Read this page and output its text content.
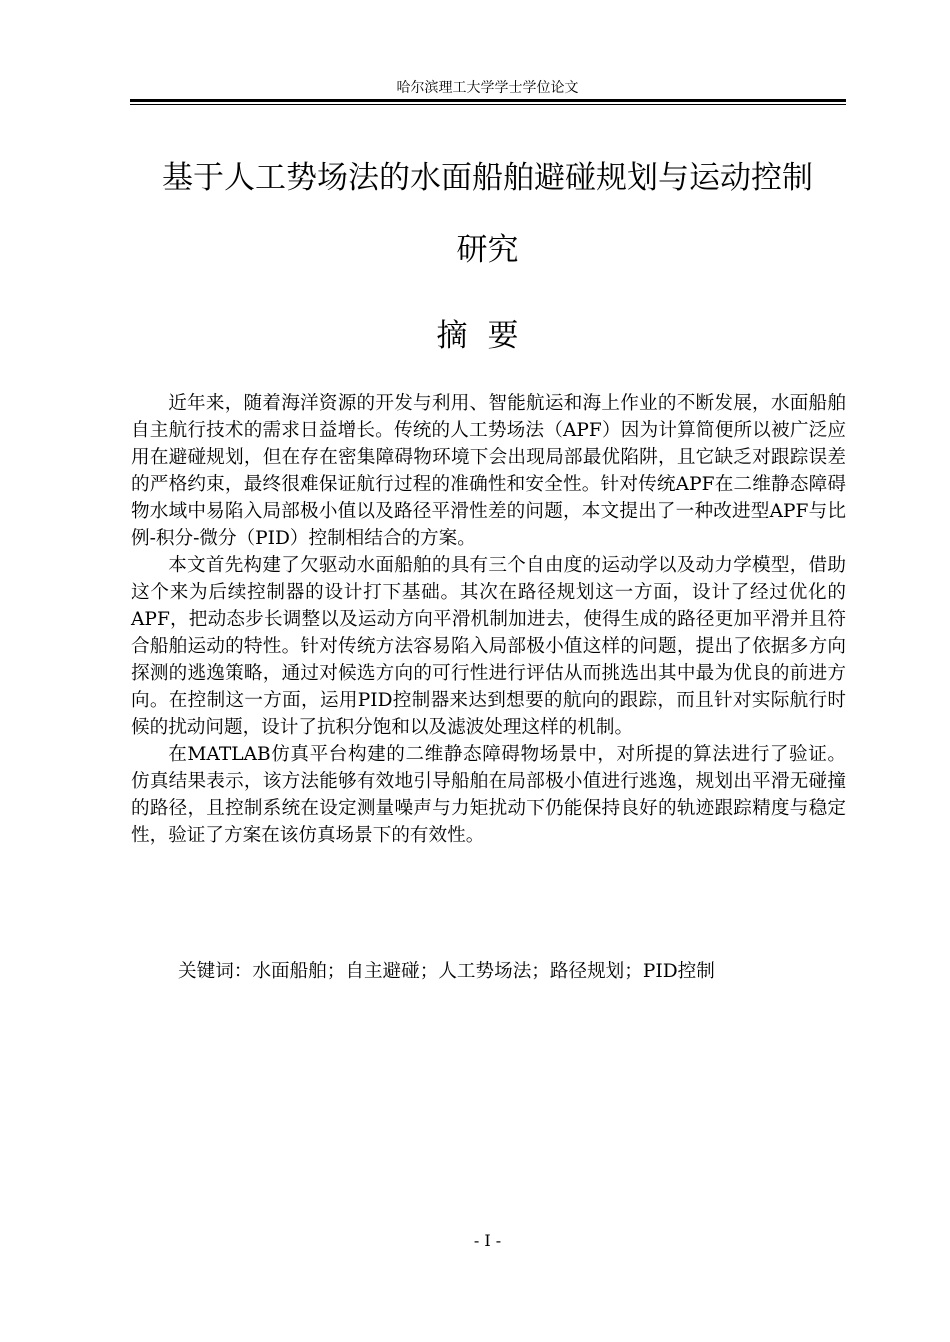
哈尔滨理工大学学士学位论文
基于人工势场法的水面船舶避碰规划与运动控制
研究
摘要

近年来，随着海洋资源的开发与利用、智能航运和海上作业的不断发展，水面船舶自主航行技术的需求日益增长。传统的人工势场法（APF）因为计算简便所以被广泛应用在避碰规划，但在存在密集障碍物环境下会出现局部最优陷阱，且它缺乏对跟踪误差的严格约束，最终很难保证航行过程的准确性和安全性。针对传统APF在二维静态障碍物水域中易陷入局部极小值以及路径平滑性差的问题，本文提出了一种改进型APF与比例-积分-微分（PID）控制相结合的方案。

本文首先构建了欠驱动水面船舶的具有三个自由度的运动学以及动力学模型，借助这个来为后续控制器的设计打下基础。其次在路径规划这一方面，设计了经过优化的APF，把动态步长调整以及运动方向平滑机制加进去，使得生成的路径更加平滑并且符合船舶运动的特性。针对传统方法容易陷入局部极小值这样的问题，提出了依据多方向探测的逃逸策略，通过对候选方向的可行性进行评估从而挑选出其中最为优良的前进方向。在控制这一方面，运用PID控制器来达到想要的航向的跟踪，而且针对实际航行时候的扰动问题，设计了抗积分饱和以及滤波处理这样的机制。

在MATLAB仿真平台构建的二维静态障碍物场景中，对所提的算法进行了验证。仿真结果表示，该方法能够有效地引导船舶在局部极小值进行逃逸，规划出平滑无碰撞的路径，且控制系统在设定测量噪声与力矩扰动下仍能保持良好的轨迹跟踪精度与稳定性，验证了方案在该仿真场景下的有效性。

关键词：水面船舶；自主避碰；人工势场法；路径规划；PID控制
- I -
